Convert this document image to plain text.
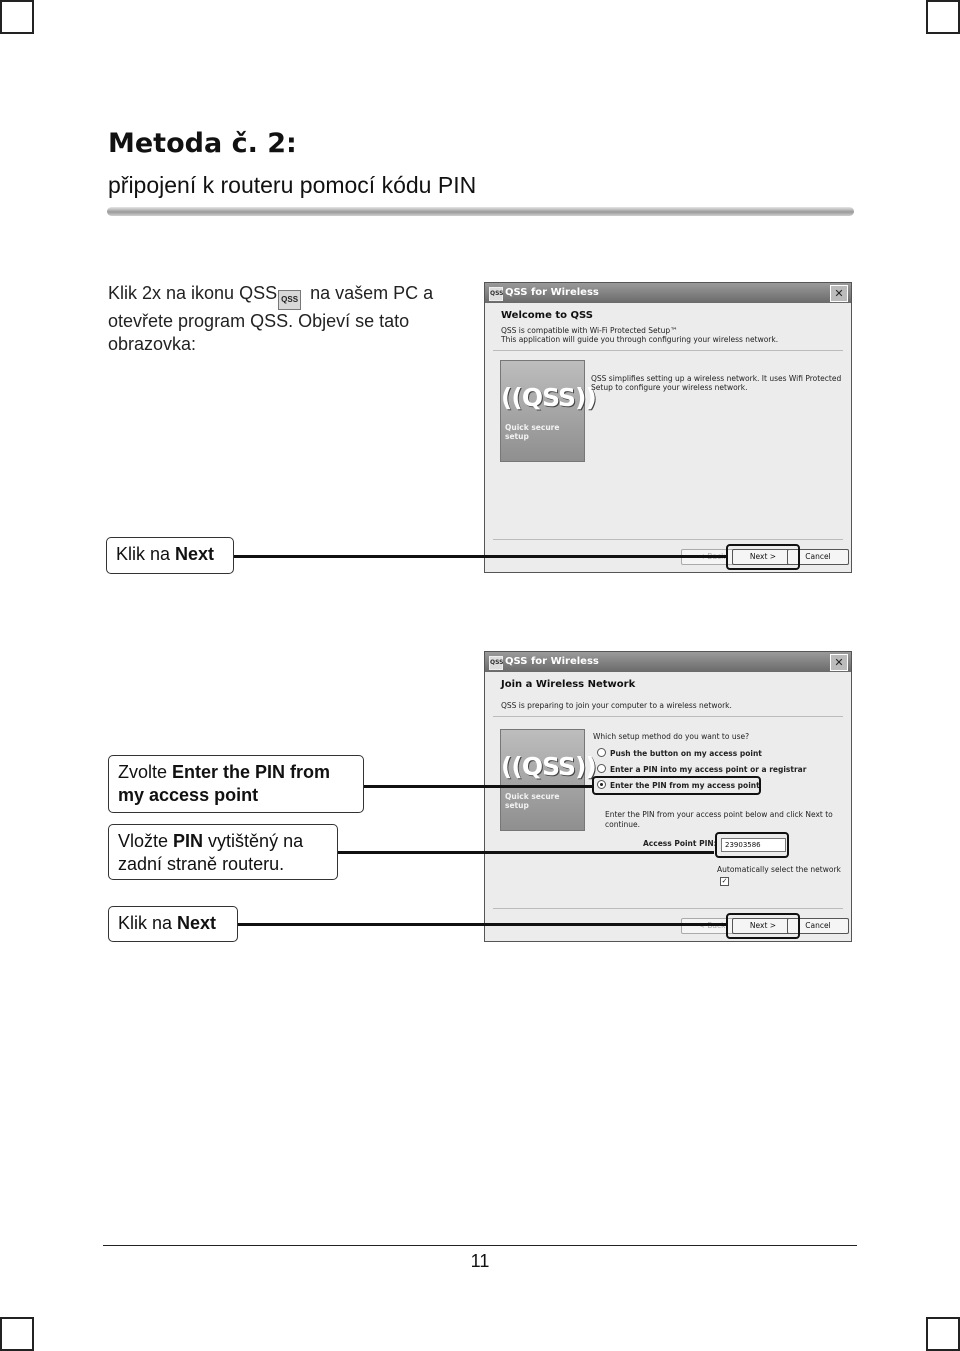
Metoda č. 2:
připojení k routeru pomocí kódu PIN
Klik 2x na ikonu QSS QSS na vašem PC a otevřete program QSS. Objeví se tato obrazovka:
QSS QSS for Wireless	✕
Welcome to QSS
QSS is compatible with Wi-Fi Protected Setup™
This application will guide you through configuring your wireless network.
((QSS))
Quick secure setup
QSS simplifies setting up a wireless network. It uses Wifi Protected
Setup to configure your wireless network.
Next >	Cancel
Klik na Next
QSS QSS for Wireless	✕
Join a Wireless Network
QSS is preparing to join your computer to a wireless network.
((QSS))
Quick secure setup
Which setup method do you want to use?
Push the button on my access point
Enter a PIN into my access point or a registrar
Enter the PIN from my access point
Enter the PIN from your access point below and click Next to continue.
Access Point PIN:	23903586
Automatically select the network✓
Next >	Cancel
Zvolte Enter the PIN from my access point
Vložte PIN vytištěný na zadní straně routeru.
Klik na Next
11
